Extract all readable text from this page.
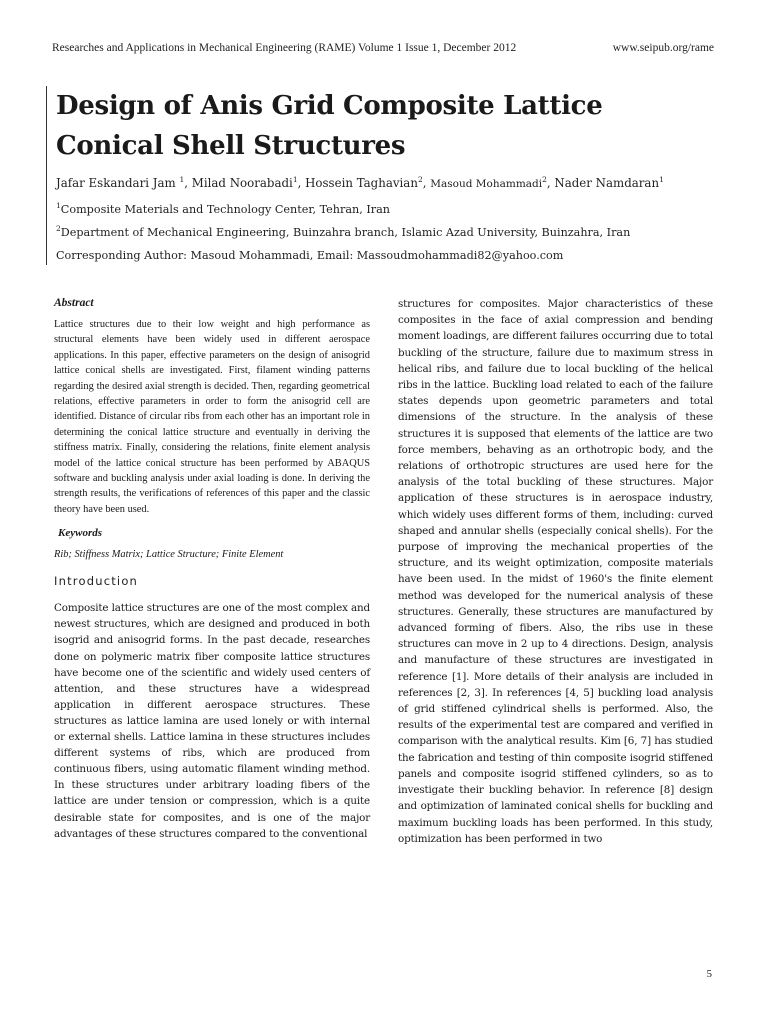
Researches and Applications in Mechanical Engineering (RAME) Volume 1 Issue 1, December 2012	www.seipub.org/rame
Design of Anis Grid Composite Lattice
Conical Shell Structures
Jafar Eskandari Jam $^1$, Milad Noorabadi$^1$, Hossein Taghavian$^2$, Masoud Mohammadi$^2$, Nader Namdaran$^1$
$^1$Composite Materials and Technology Center, Tehran, Iran
$^2$Department of Mechanical Engineering, Buinzahra branch, Islamic Azad University, Buinzahra, Iran
Corresponding Author: Masoud Mohammadi, Email: Massoudmohammadi82@yahoo.com
Abstract

Lattice structures due to their low weight and high performance as structural elements have been widely used in different aerospace applications. In this paper, effective parameters on the design of anisogrid lattice conical shells are investigated. First, filament winding patterns regarding the desired axial strength is decided. Then, regarding geometrical relations, effective parameters in order to form the anisogrid cell are identified. Distance of circular ribs from each other has an important role in determining the conical lattice structure and eventually in deriving the stiffness matrix. Finally, considering the relations, finite element analysis model of the lattice conical structure has been performed by ABAQUS software and buckling analysis under axial loading is done. In deriving the strength results, the verifications of references of this paper and the classic theory have been used.

Keywords

Rib; Stiffness Matrix; Lattice Structure; Finite Element

Introduction

Composite lattice structures are one of the most complex and newest structures, which are designed and produced in both isogrid and anisogrid forms. In the past decade, researches done on polymeric matrix fiber composite lattice structures have become one of the scientific and widely used centers of attention, and these structures have a widespread application in different aerospace structures. These structures as lattice lamina are used lonely or with internal or external shells. Lattice lamina in these structures includes different systems of ribs, which are produced from continuous fibers, using automatic filament winding method. In these structures under arbitrary loading fibers of the lattice are under tension or compression, which is a quite desirable state for composites, and is one of the major advantages of these structures compared to the conventional

structures for composites. Major characteristics of these composites in the face of axial compression and bending moment loadings, are different failures occurring due to total buckling of the structure, failure due to maximum stress in helical ribs, and failure due to local buckling of the helical ribs in the lattice. Buckling load related to each of the failure states depends upon geometric parameters and total dimensions of the structure. In the analysis of these structures it is supposed that elements of the lattice are two force members, behaving as an orthotropic body, and the relations of orthotropic structures are used here for the analysis of the total buckling of these structures. Major application of these structures is in aerospace industry, which widely uses different forms of them, including: curved shaped and annular shells (especially conical shells). For the purpose of improving the mechanical properties of the structure, and its weight optimization, composite materials have been used. In the midst of 1960's the finite element method was developed for the numerical analysis of these structures. Generally, these structures are manufactured by advanced forming of fibers. Also, the ribs use in these structures can move in 2 up to 4 directions. Design, analysis and manufacture of these structures are investigated in reference [1]. More details of their analysis are included in references [2, 3]. In references [4, 5] buckling load analysis of grid stiffened cylindrical shells is performed. Also, the results of the experimental test are compared and verified in comparison with the analytical results. Kim [6, 7] has studied the fabrication and testing of thin composite isogrid stiffened panels and composite isogrid stiffened cylinders, so as to investigate their buckling behavior. In reference [8] design and optimization of laminated conical shells for buckling and maximum buckling loads has been performed. In this study, optimization has been performed in two

5
